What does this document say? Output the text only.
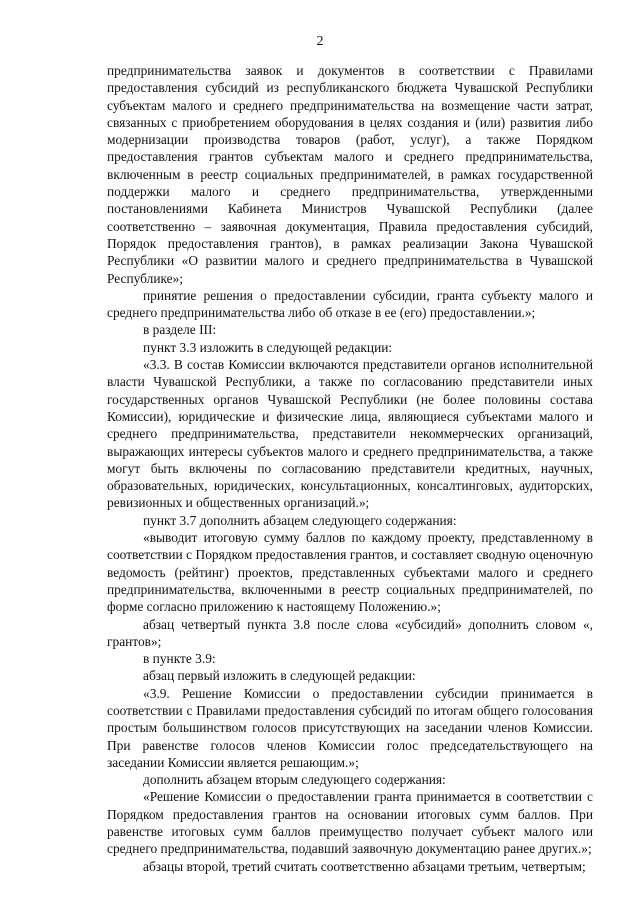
2

предпринимательства заявок и документов в соответствии с Правилами предоставления субсидий из республиканского бюджета Чувашской Республики субъектам малого и среднего предпринимательства на возмещение части затрат, связанных с приобретением оборудования в целях создания и (или) развития либо модернизации производства товаров (работ, услуг), а также Порядком предоставления грантов субъектам малого и среднего предпринимательства, включенным в реестр социальных предпринимателей, в рамках государственной поддержки малого и среднего предпринимательства, утвержденными постановлениями Кабинета Министров Чувашской Республики (далее соответственно – заявочная документация, Правила предоставления субсидий, Порядок предоставления грантов), в рамках реализации Закона Чувашской Республики «О развитии малого и среднего предпринимательства в Чувашской Республике»;

принятие решения о предоставлении субсидии, гранта субъекту малого и среднего предпринимательства либо об отказе в ее (его) предоставлении.»;

в разделе III:

пункт 3.3 изложить в следующей редакции:

«3.3. В состав Комиссии включаются представители органов исполнительной власти Чувашской Республики, а также по согласованию представители иных государственных органов Чувашской Республики (не более половины состава Комиссии), юридические и физические лица, являющиеся субъектами малого и среднего предпринимательства, представители некоммерческих организаций, выражающих интересы субъектов малого и среднего предпринимательства, а также могут быть включены по согласованию представители кредитных, научных, образовательных, юридических, консультационных, консалтинговых, аудиторских, ревизионных и общественных организаций.»;

пункт 3.7 дополнить абзацем следующего содержания:

«выводит итоговую сумму баллов по каждому проекту, представленному в соответствии с Порядком предоставления грантов, и составляет сводную оценочную ведомость (рейтинг) проектов, представленных субъектами малого и среднего предпринимательства, включенными в реестр социальных предпринимателей, по форме согласно приложению к настоящему Положению.»;

абзац четвертый пункта 3.8 после слова «субсидий» дополнить словом «, грантов»;

в пункте 3.9:

абзац первый изложить в следующей редакции:

«3.9. Решение Комиссии о предоставлении субсидии принимается в соответствии с Правилами предоставления субсидий по итогам общего голосования простым большинством голосов присутствующих на заседании членов Комиссии. При равенстве голосов членов Комиссии голос председательствующего на заседании Комиссии является решающим.»;

дополнить абзацем вторым следующего содержания:

«Решение Комиссии о предоставлении гранта принимается в соответствии с Порядком предоставления грантов на основании итоговых сумм баллов. При равенстве итоговых сумм баллов преимущество получает субъект малого или среднего предпринимательства, подавший заявочную документацию ранее других.»;

абзацы второй, третий считать соответственно абзацами третьим, четвертым;
